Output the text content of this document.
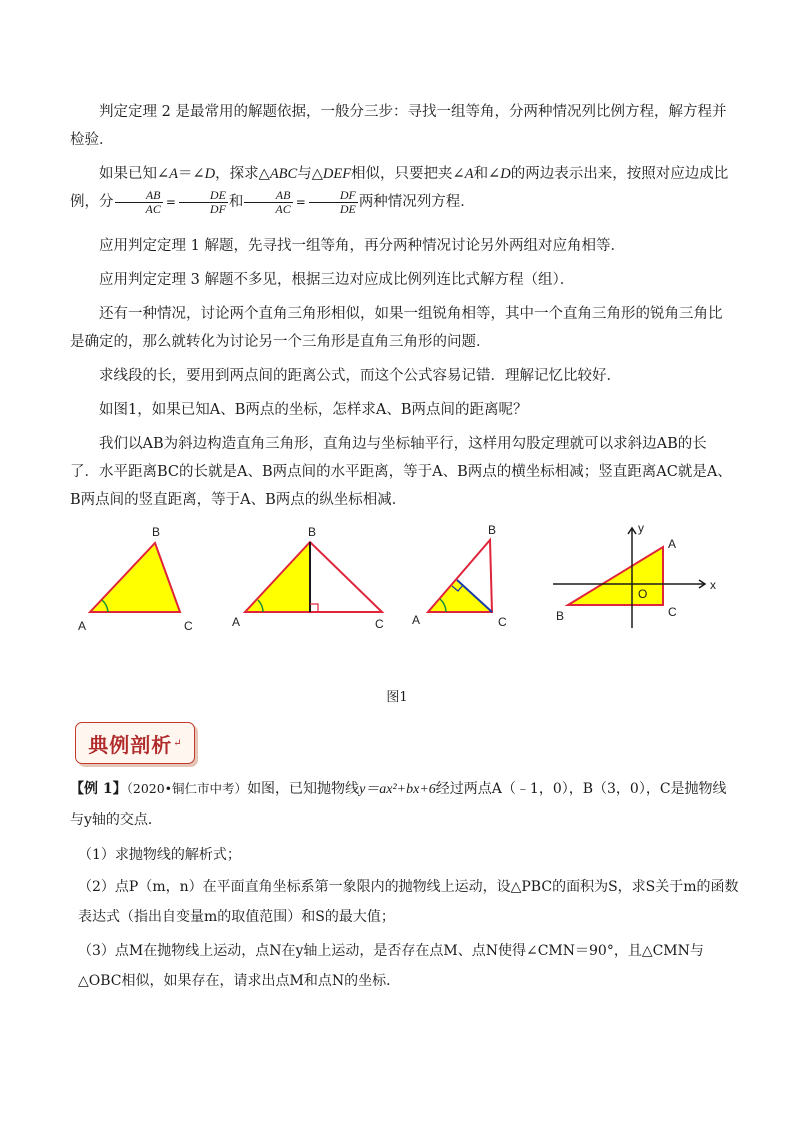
判定定理 2 是最常用的解题依据，一般分三步：寻找一组等角，分两种情况列比例方程，解方程并检验．

如果已知∠A＝∠D，探求△ABC与△DEF相似，只要把夹∠A和∠D的两边表示出来，按照对应边成比例，分 $\frac{AB}{AC} = \frac{DE}{DF}$ 和 $\frac{AB}{AC} = \frac{DF}{DE}$ 两种情况列方程．

应用判定定理 1 解题，先寻找一组等角，再分两种情况讨论另外两组对应角相等．

应用判定定理 3 解题不多见，根据三边对应成比例列连比式解方程（组）．

还有一种情况，讨论两个直角三角形相似，如果一组锐角相等，其中一个直角三角形的锐角三角比是确定的，那么就转化为讨论另一个三角形是直角三角形的问题．

求线段的长，要用到两点间的距离公式，而这个公式容易记错．理解记忆比较好．

如图1，如果已知A、B两点的坐标，怎样求A、B两点间的距离呢？

我们以AB为斜边构造直角三角形，直角边与坐标轴平行，这样用勾股定理就可以求斜边AB的长了．水平距离BC的长就是A、B两点间的水平距离，等于A、B两点的横坐标相减；竖直距离AC就是A、B两点间的竖直距离，等于A、B两点的纵坐标相减．

A
B
C	A
B
C A
B
C
x
y
O
A
B	C
图1
典例剖析 ↵

【例 1】（2020•铜仁市中考）如图，已知抛物线y＝ax²+bx+6经过两点A（﹣1，0），B（3，0），C是抛物线与y轴的交点．

（1）求抛物线的解析式；

（2）点P（m，n）在平面直角坐标系第一象限内的抛物线上运动，设△PBC的面积为S，求S关于m的函数表达式（指出自变量m的取值范围）和S的最大值；

（3）点M在抛物线上运动，点N在y轴上运动，是否存在点M、点N使得∠CMN＝90°，且△CMN与△OBC相似，如果存在，请求出点M和点N的坐标．
